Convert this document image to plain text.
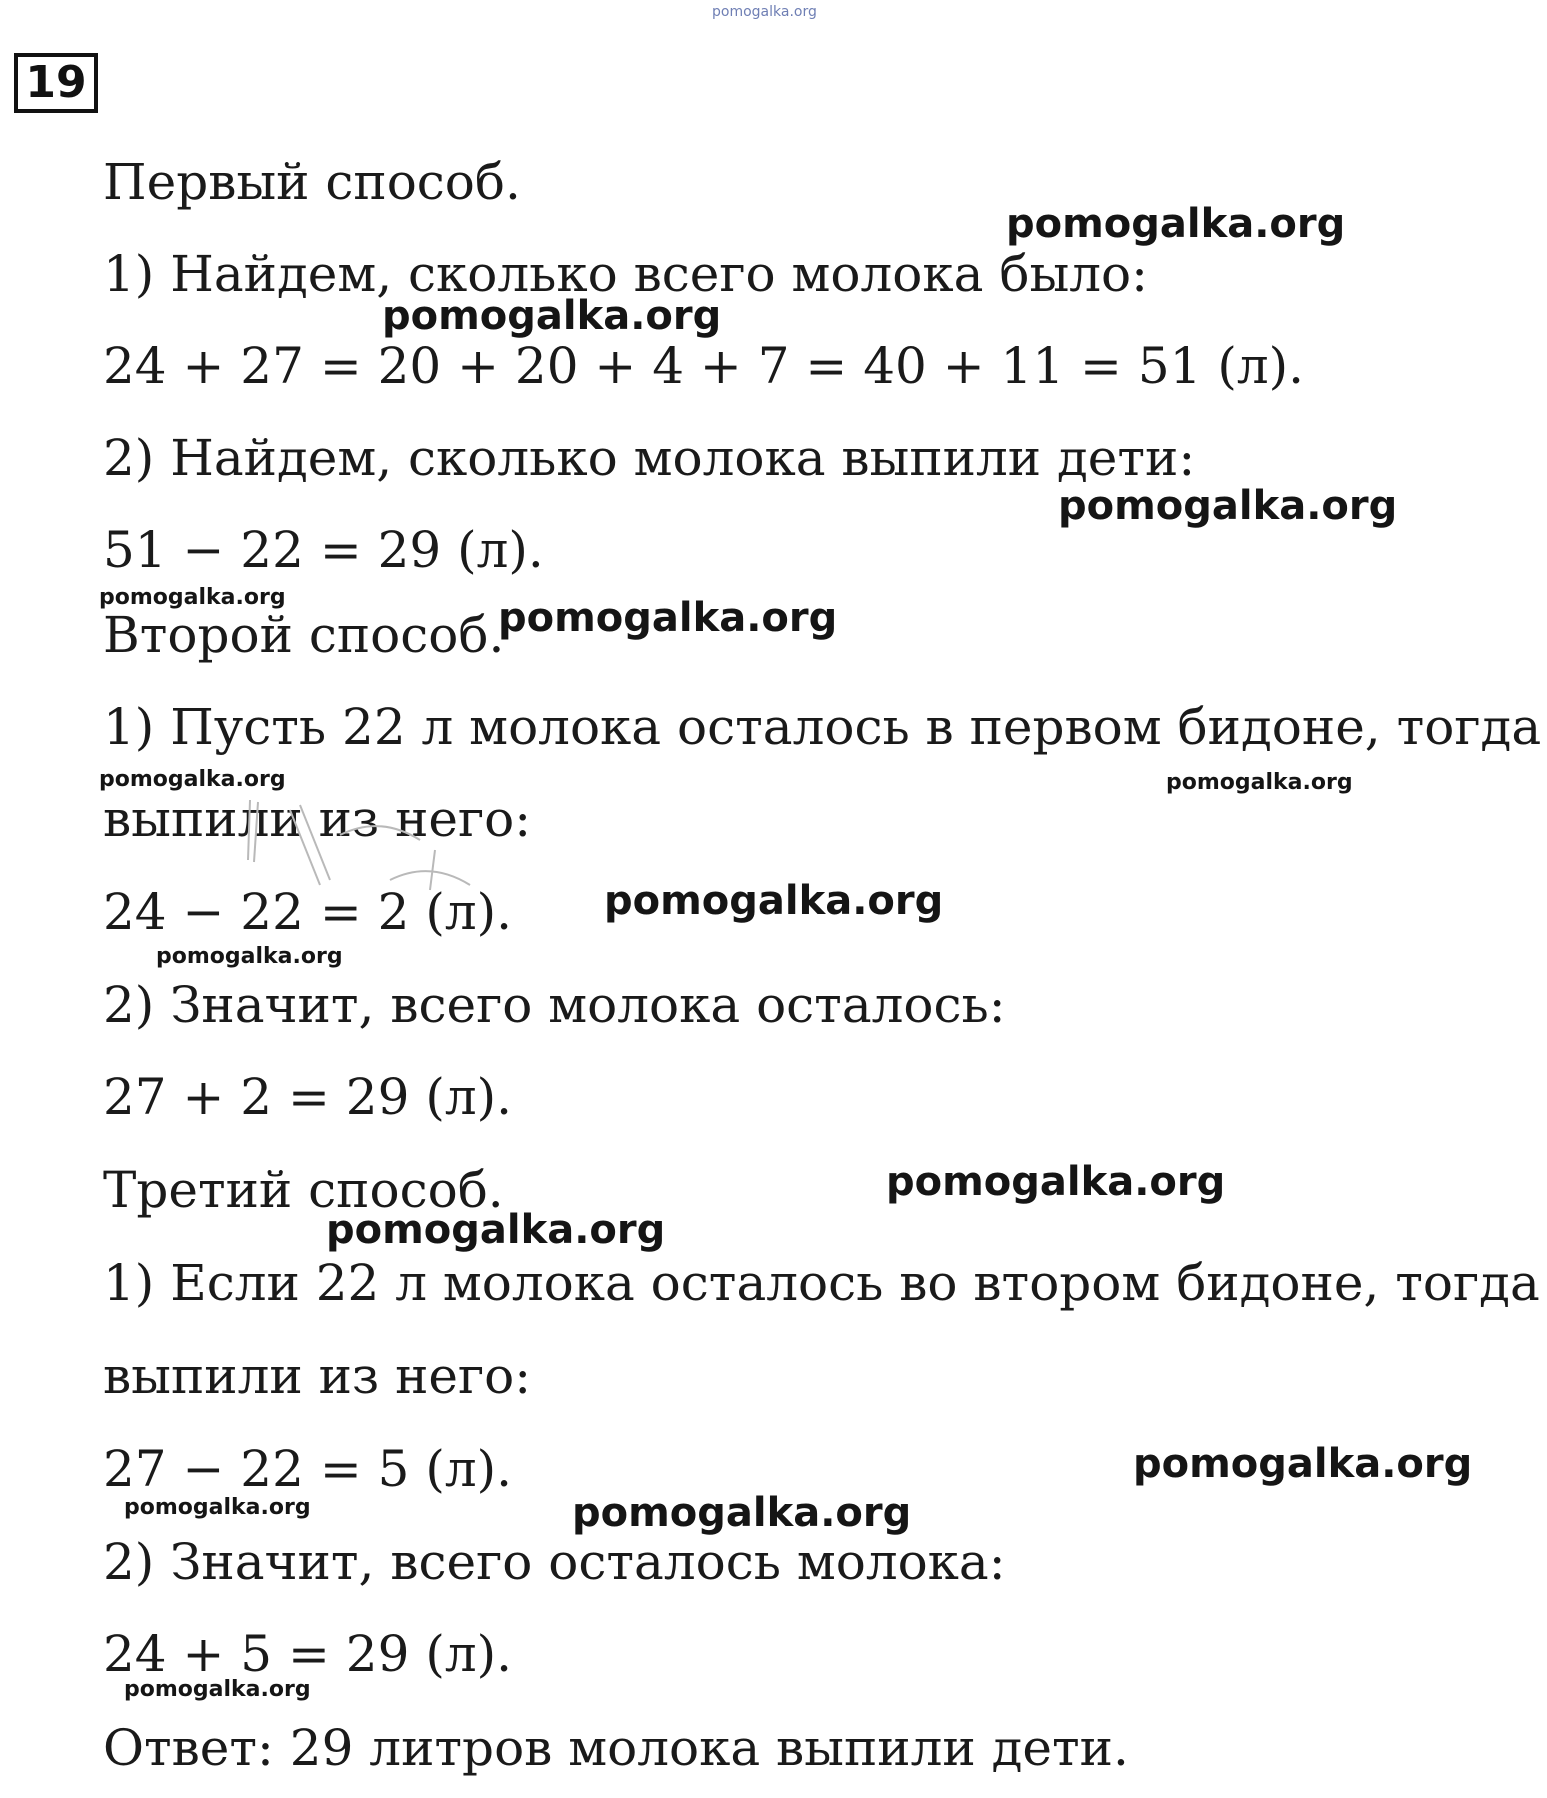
pomogalka.org
19
Первый способ.
1) Найдем, сколько всего молока было:
24 + 27 = 20 + 20 + 4 + 7 = 40 + 11 = 51 (л).
2) Найдем, сколько молока выпили дети:
51 − 22 = 29 (л).
Второй способ.
1) Пусть 22 л молока осталось в первом бидоне, тогда
выпили из него:
24 − 22 = 2 (л).
2) Значит, всего молока осталось:
27 + 2 = 29 (л).
Третий способ.
1) Если 22 л молока осталось во втором бидоне, тогда
выпили из него:
27 − 22 = 5 (л).
2) Значит, всего осталось молока:
24 + 5 = 29 (л).
Ответ: 29 литров молока выпили дети.
pomogalka.org
pomogalka.org
pomogalka.org
pomogalka.org	pomogalka.org
pomogalka.org	pomogalka.org
pomogalka.org
pomogalka.org
pomogalka.org
pomogalka.org
pomogalka.org
pomogalka.org	pomogalka.org
pomogalka.org
